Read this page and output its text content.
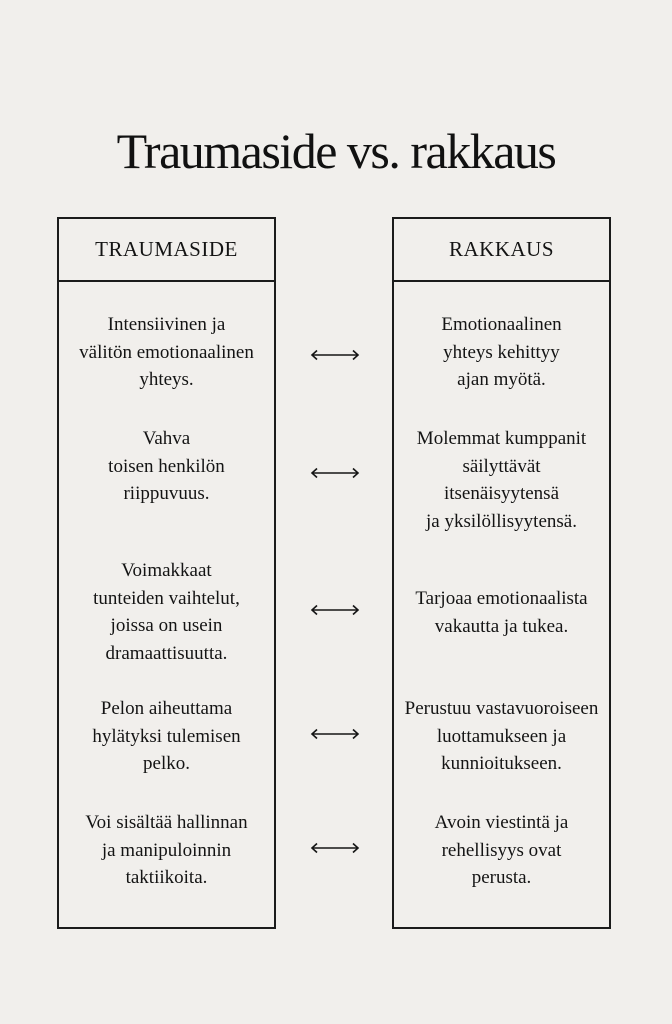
Traumaside vs. rakkaus
TRAUMASIDE
Intensiivinen ja
välitön emotionaalinen
yhteys.
Vahva
toisen henkilön
riippuvuus.
Voimakkaat
tunteiden vaihtelut,
joissa on usein
dramaattisuutta.
Pelon aiheuttama
hylätyksi tulemisen
pelko.
Voi sisältää hallinnan
ja manipuloinnin
taktiikoita.
RAKKAUS
Emotionaalinen
yhteys kehittyy
ajan myötä.
Molemmat kumppanit
säilyttävät
itsenäisyytensä
ja yksilöllisyytensä.
Tarjoaa emotionaalista
vakautta ja tukea.
Perustuu vastavuoroiseen
luottamukseen ja
kunnioitukseen.
Avoin viestintä ja
rehellisyys ovat
perusta.
